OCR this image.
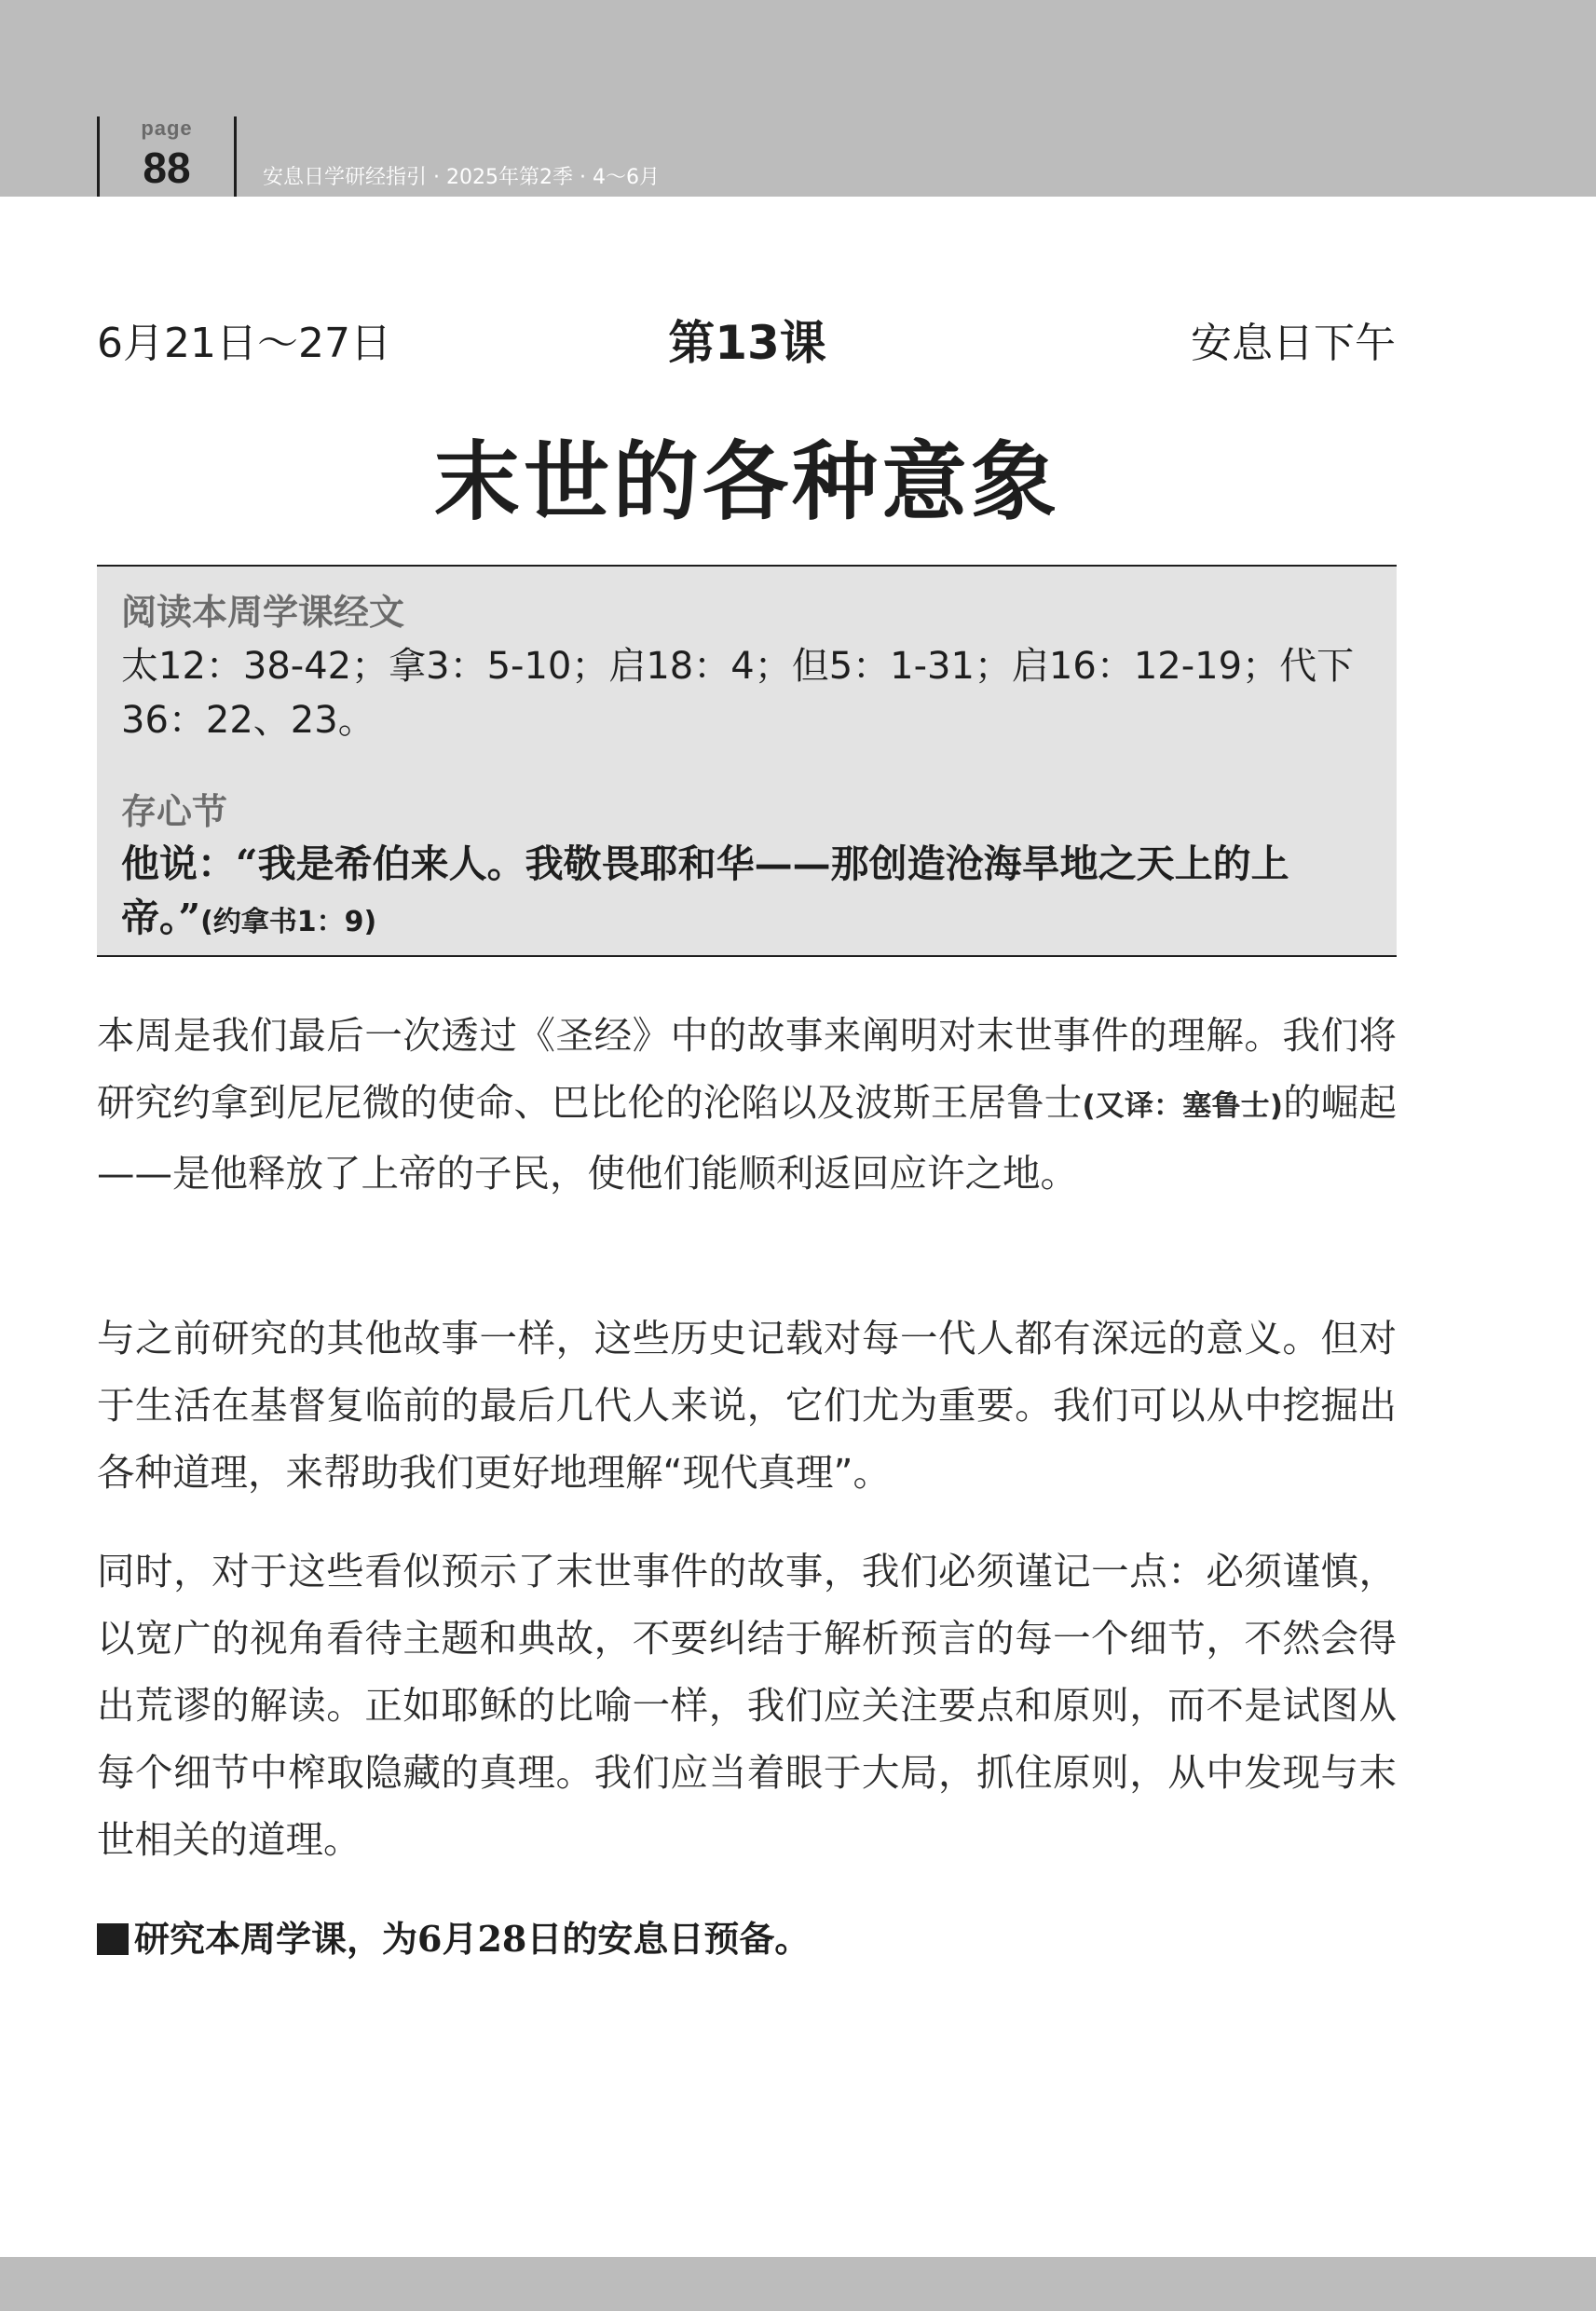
page
88	安息日学研经指引 · 2025年第2季 · 4～6月
6月21日～27日	第13课	安息日下午
末世的各种意象
阅读本周学课经文
太12：38-42；拿3：5-10；启18：4；但5：1-31；启16：12-19；代下36：22、23。
存心节
他说：“我是希伯来人。我敬畏耶和华——那创造沧海旱地之天上的上帝。”(约拿书1：9)
本周是我们最后一次透过《圣经》中的故事来阐明对末世事件的理解。我们将研究约拿到尼尼微的使命、巴比伦的沦陷以及波斯王居鲁士(又译：塞鲁士)的崛起——是他释放了上帝的子民，使他们能顺利返回应许之地。
与之前研究的其他故事一样，这些历史记载对每一代人都有深远的意义。但对于生活在基督复临前的最后几代人来说，它们尤为重要。我们可以从中挖掘出各种道理，来帮助我们更好地理解“现代真理”。
同时，对于这些看似预示了末世事件的故事，我们必须谨记一点：必须谨慎，以宽广的视角看待主题和典故，不要纠结于解析预言的每一个细节，不然会得出荒谬的解读。正如耶稣的比喻一样，我们应关注要点和原则，而不是试图从每个细节中榨取隐藏的真理。我们应当着眼于大局，抓住原则，从中发现与末世相关的道理。
研究本周学课，为6月28日的安息日预备。
